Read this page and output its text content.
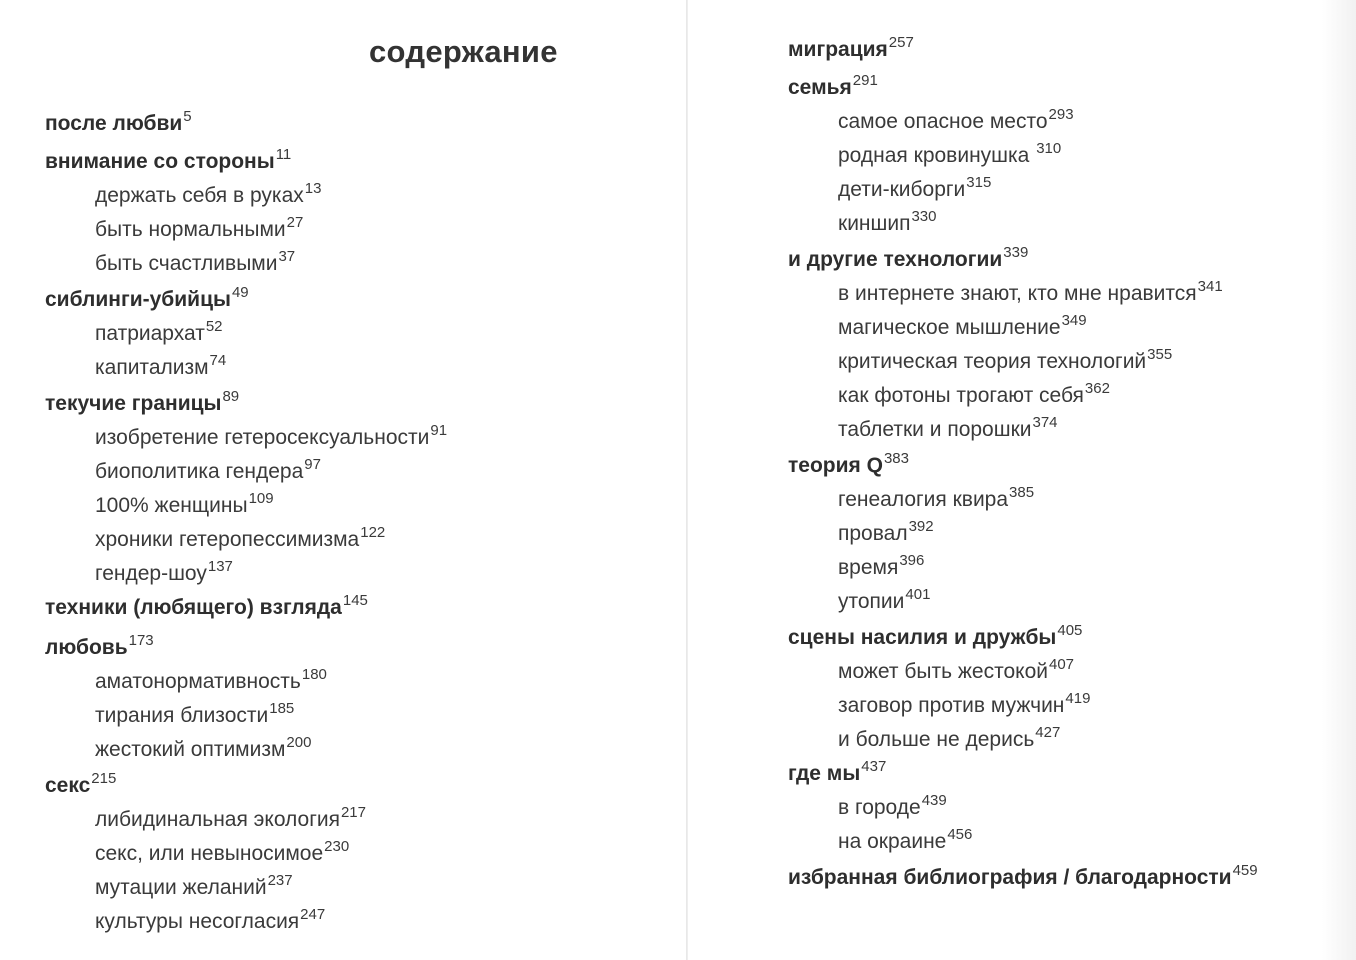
содержание
после любви$^5$
внимание со стороны$^{11}$
держать себя в руках$^{13}$
быть нормальными$^{27}$
быть счастливыми$^{37}$
сиблинги-убийцы$^{49}$
патриархат$^{52}$
капитализм$^{74}$
текучие границы$^{89}$
изобретение гетеросексуальности$^{91}$
биополитика гендера$^{97}$
100% женщины$^{109}$
хроники гетеропессимизма$^{122}$
гендер-шоу$^{137}$
техники (любящего) взгляда$^{145}$
любовь$^{173}$
аматонормативность$^{180}$
тирания близости$^{185}$
жестокий оптимизм$^{200}$
секс$^{215}$
либидинальная экология$^{217}$
секс, или невыносимое$^{230}$
мутации желаний$^{237}$
культуры несогласия$^{247}$
миграция$^{257}$
семья$^{291}$
самое опасное место$^{293}$
родная кровинушка $^{310}$
дети-киборги$^{315}$
киншип$^{330}$
и другие технологии$^{339}$
в интернете знают, кто мне нравится$^{341}$
магическое мышление$^{349}$
критическая теория технологий$^{355}$
как фотоны трогают себя$^{362}$
таблетки и порошки$^{374}$
теория $Q^{383}$
генеалогия квира$^{385}$
провал$^{392}$
время$^{396}$
утопии$^{401}$
сцены насилия и дружбы$^{405}$
может быть жестокой$^{407}$
заговор против мужчин$^{419}$
и больше не дерись$^{427}$
где $мы^{437}$
в городе$^{439}$
на окраине$^{456}$
избранная библиография / благодарности$^{459}$
